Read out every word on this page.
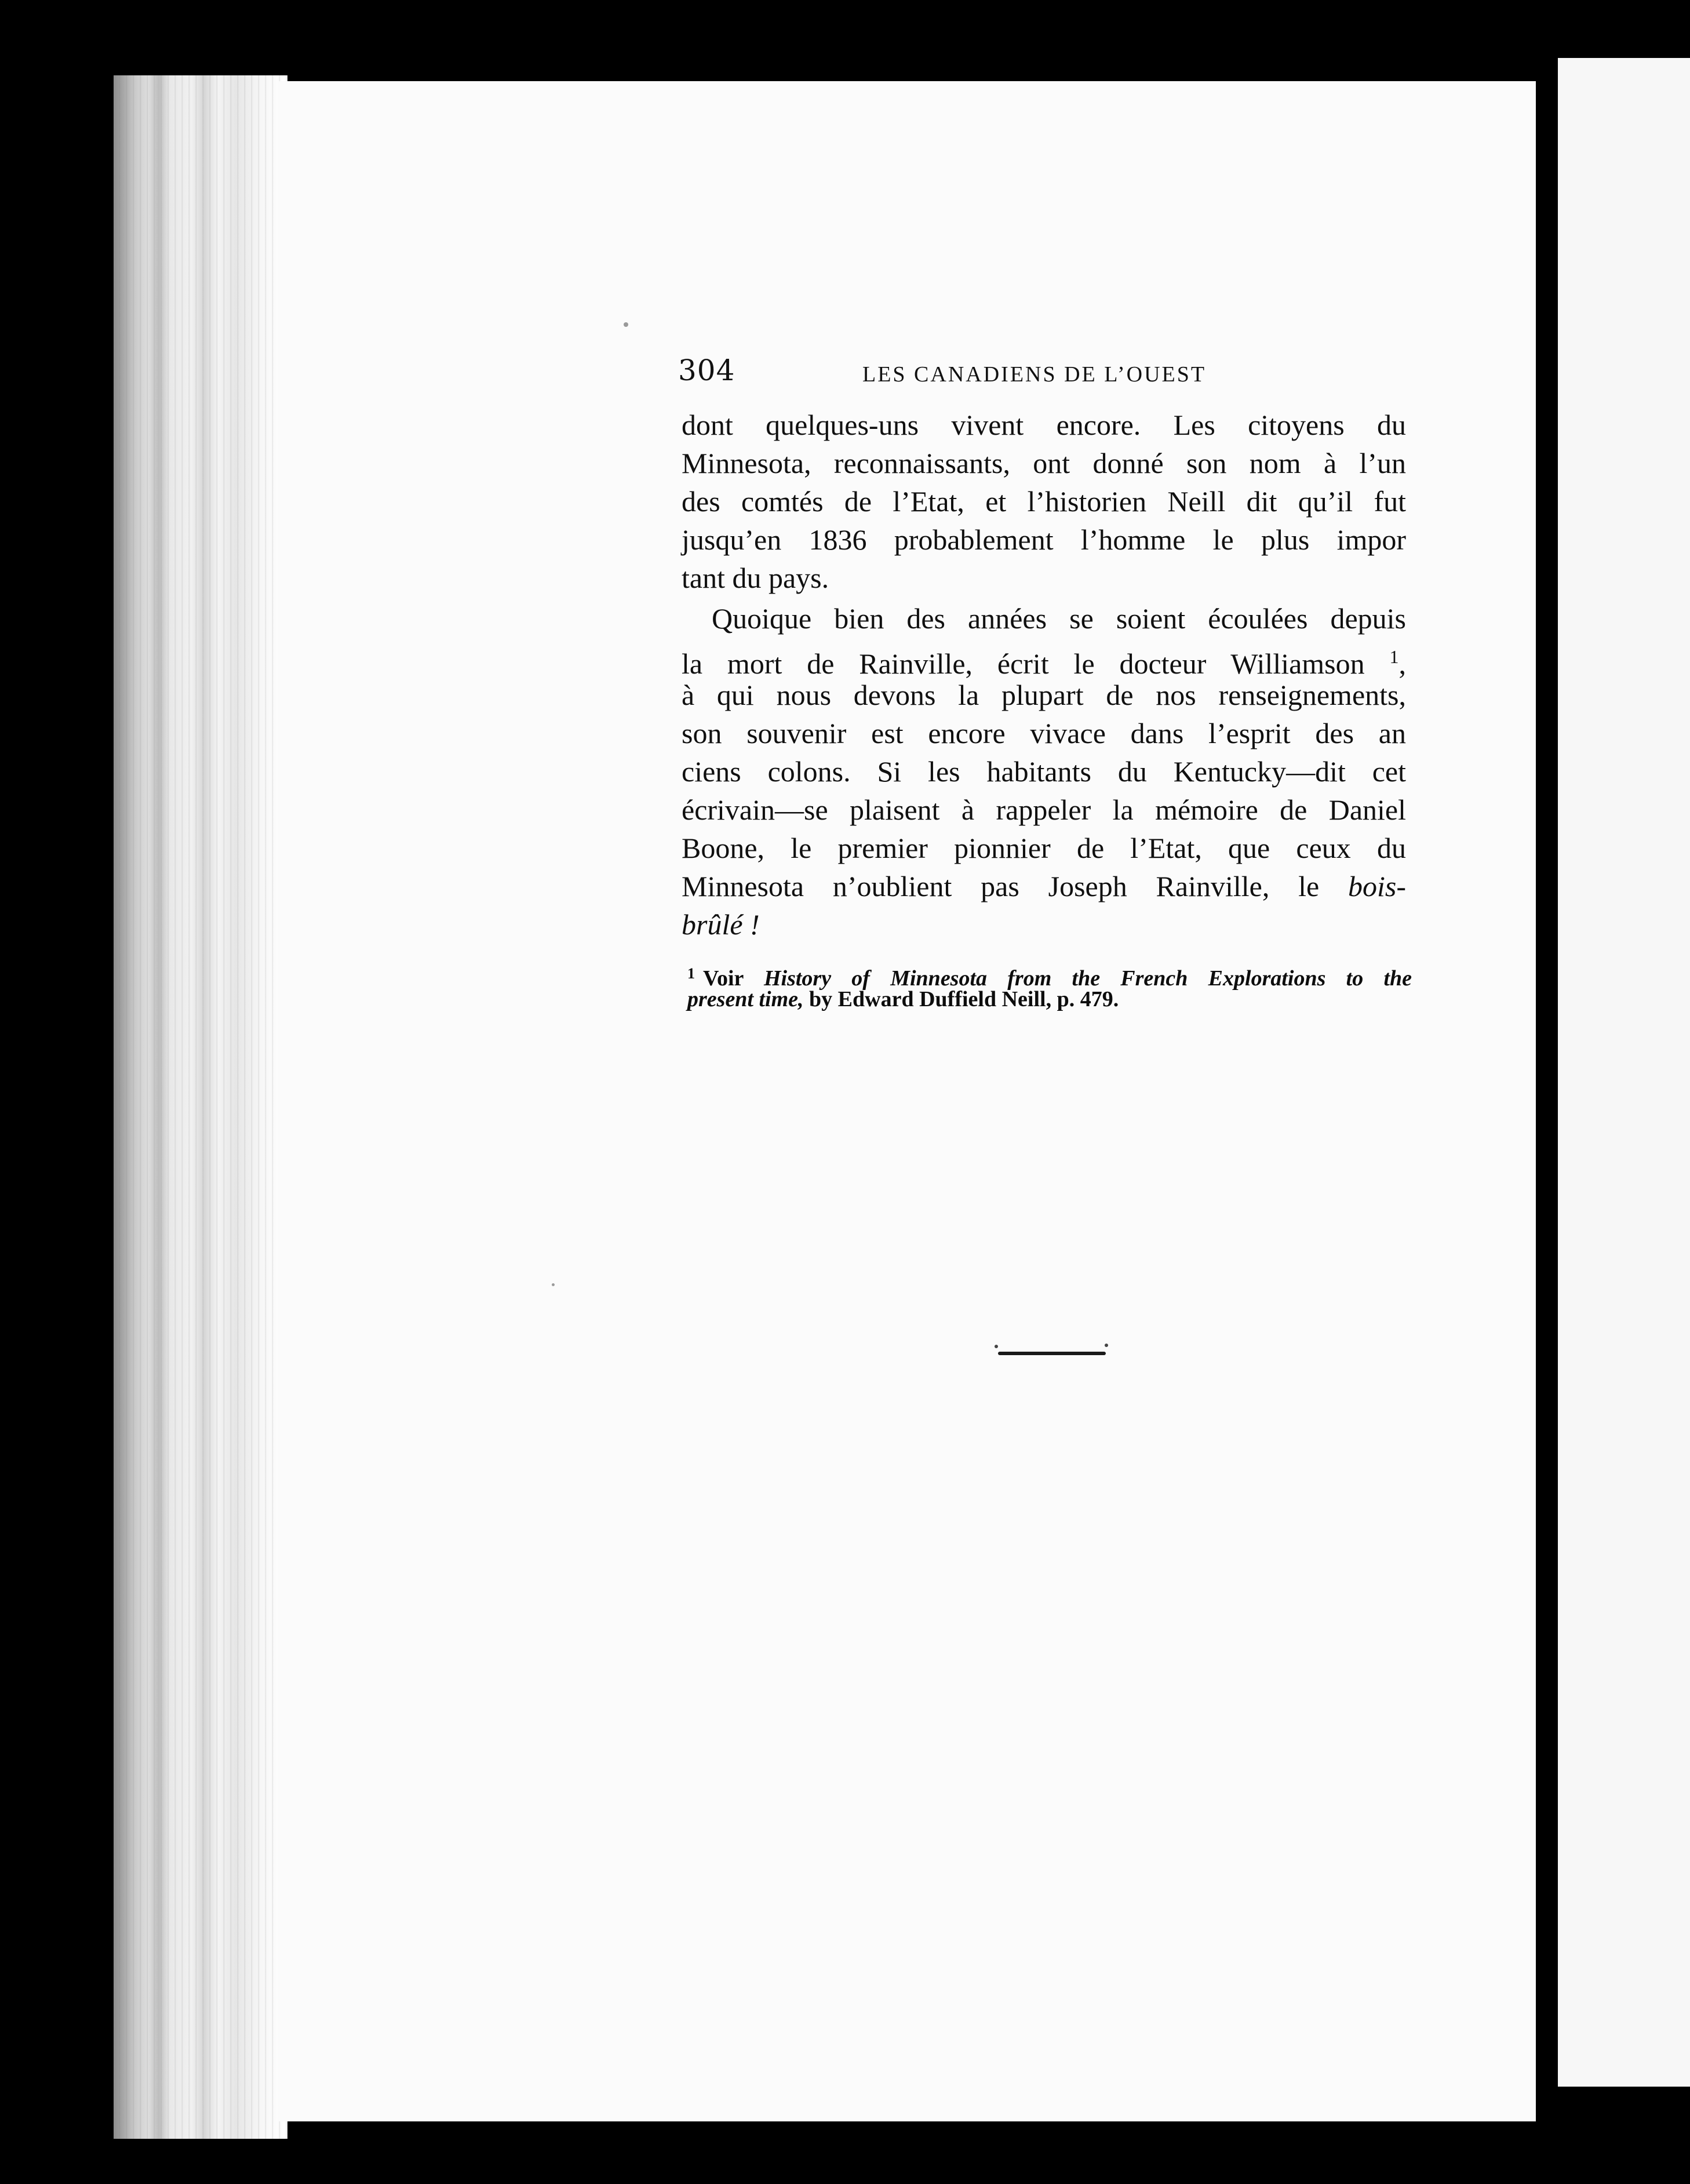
304	LES CANADIENS DE L’OUEST
dont quelques-uns vivent encore. Les citoyens du
Minnesota, reconnaissants, ont donné son nom à l’un
des comtés de l’Etat, et l’historien Neill dit qu’il fut
jusqu’en 1836 probablement l’homme le plus impor
tant du pays.
Quoique bien des années se soient écoulées depuis
la mort de Rainville, écrit le docteur Williamson $^1$,
à qui nous devons la plupart de nos renseignements,
son souvenir est encore vivace dans l’esprit des an
ciens colons. Si les habitants du Kentucky—dit cet
écrivain—se plaisent à rappeler la mémoire de Daniel
Boone, le premier pionnier de l’Etat, que ceux du
Minnesota n’oublient pas Joseph Rainville, le bois-
brûlé !
$^1$ Voir History of Minnesota from the French Explorations to the
present time, by Edward Duffield Neill, p. 479.
